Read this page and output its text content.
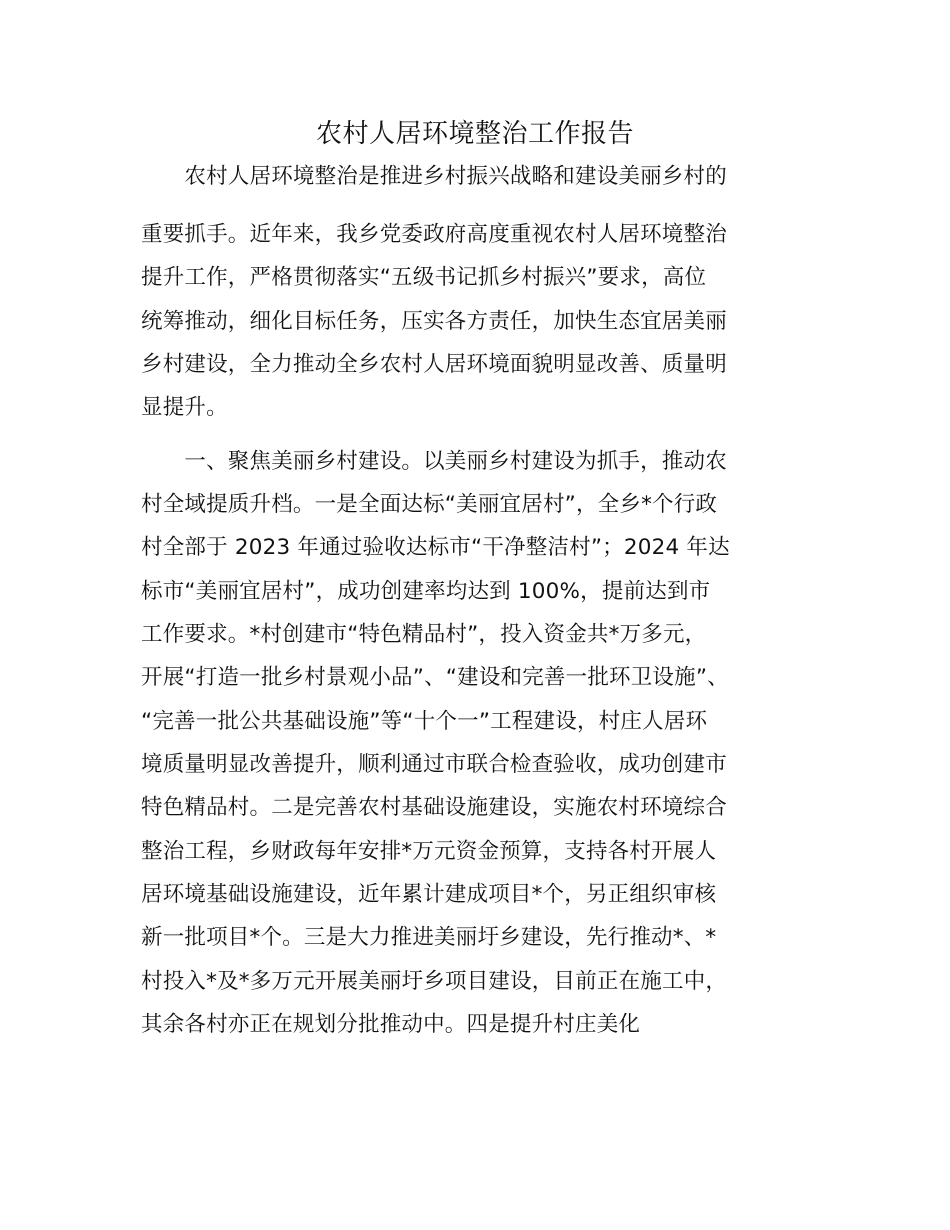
农村人居环境整治工作报告
　　农村人居环境整治是推进乡村振兴战略和建设美丽乡村的
重要抓手。近年来，我乡党委政府高度重视农村人居环境整治
提升工作，严格贯彻落实“五级书记抓乡村振兴”要求，高位
统筹推动，细化目标任务，压实各方责任，加快生态宜居美丽
乡村建设，全力推动全乡农村人居环境面貌明显改善、质量明
显提升。
　　一、聚焦美丽乡村建设。以美丽乡村建设为抓手，推动农
村全域提质升档。一是全面达标“美丽宜居村”，全乡*个行政
村全部于 2023 年通过验收达标市“干净整洁村”；2024 年达
标市“美丽宜居村”，成功创建率均达到 100%，提前达到市
工作要求。*村创建市“特色精品村”，投入资金共*万多元，
开展“打造一批乡村景观小品”、“建设和完善一批环卫设施”、
“完善一批公共基础设施”等“十个一”工程建设，村庄人居环
境质量明显改善提升，顺利通过市联合检查验收，成功创建市
特色精品村。二是完善农村基础设施建设，实施农村环境综合
整治工程，乡财政每年安排*万元资金预算，支持各村开展人
居环境基础设施建设，近年累计建成项目*个，另正组织审核
新一批项目*个。三是大力推进美丽圩乡建设，先行推动*、*
村投入*及*多万元开展美丽圩乡项目建设，目前正在施工中，
其余各村亦正在规划分批推动中。四是提升村庄美化
